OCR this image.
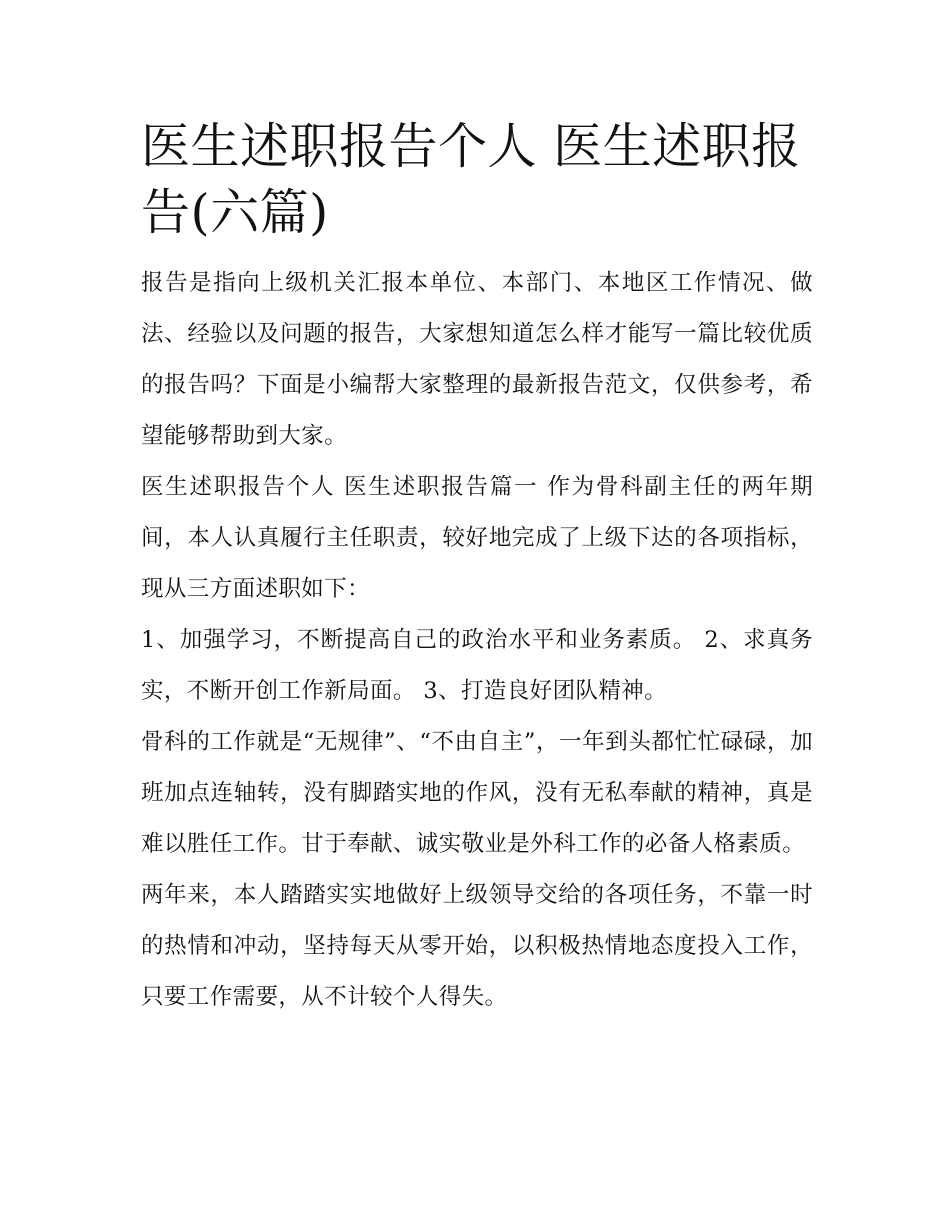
医生述职报告个人 医生述职报告(六篇)

报告是指向上级机关汇报本单位、本部门、本地区工作情况、做法、经验以及问题的报告，大家想知道怎么样才能写一篇比较优质的报告吗？下面是小编帮大家整理的最新报告范文，仅供参考，希望能够帮助到大家。

医生述职报告个人 医生述职报告篇一 作为骨科副主任的两年期间，本人认真履行主任职责，较好地完成了上级下达的各项指标，现从三方面述职如下：

1、加强学习，不断提高自己的政治水平和业务素质。 2、求真务实，不断开创工作新局面。 3、打造良好团队精神。

骨科的工作就是“无规律”、“不由自主”，一年到头都忙忙碌碌，加班加点连轴转，没有脚踏实地的作风，没有无私奉献的精神，真是难以胜任工作。甘于奉献、诚实敬业是外科工作的必备人格素质。

两年来，本人踏踏实实地做好上级领导交给的各项任务，不靠一时的热情和冲动，坚持每天从零开始，以积极热情地态度投入工作，只要工作需要，从不计较个人得失。
